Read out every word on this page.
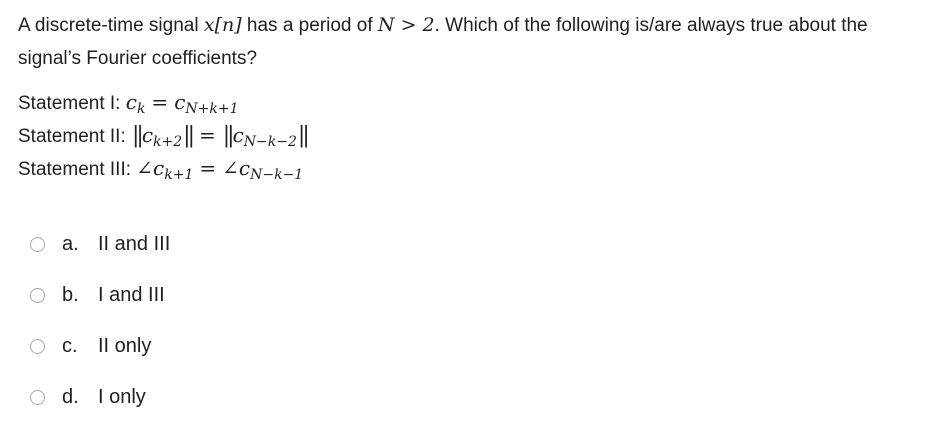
A discrete-time signal x[n] has a period of N > 2. Which of the following is/are always true about the signal’s Fourier coefficients?
Statement I: $c_k = c_{N+k+1}$
Statement II: $||c_{k+2}|| = ||c_{N-k-2}||$
Statement III: $\angle c_{k+1}$ = $\angle c_{N-k-1}$
a. II and III
b. I and III
c.	II only
d. I only
